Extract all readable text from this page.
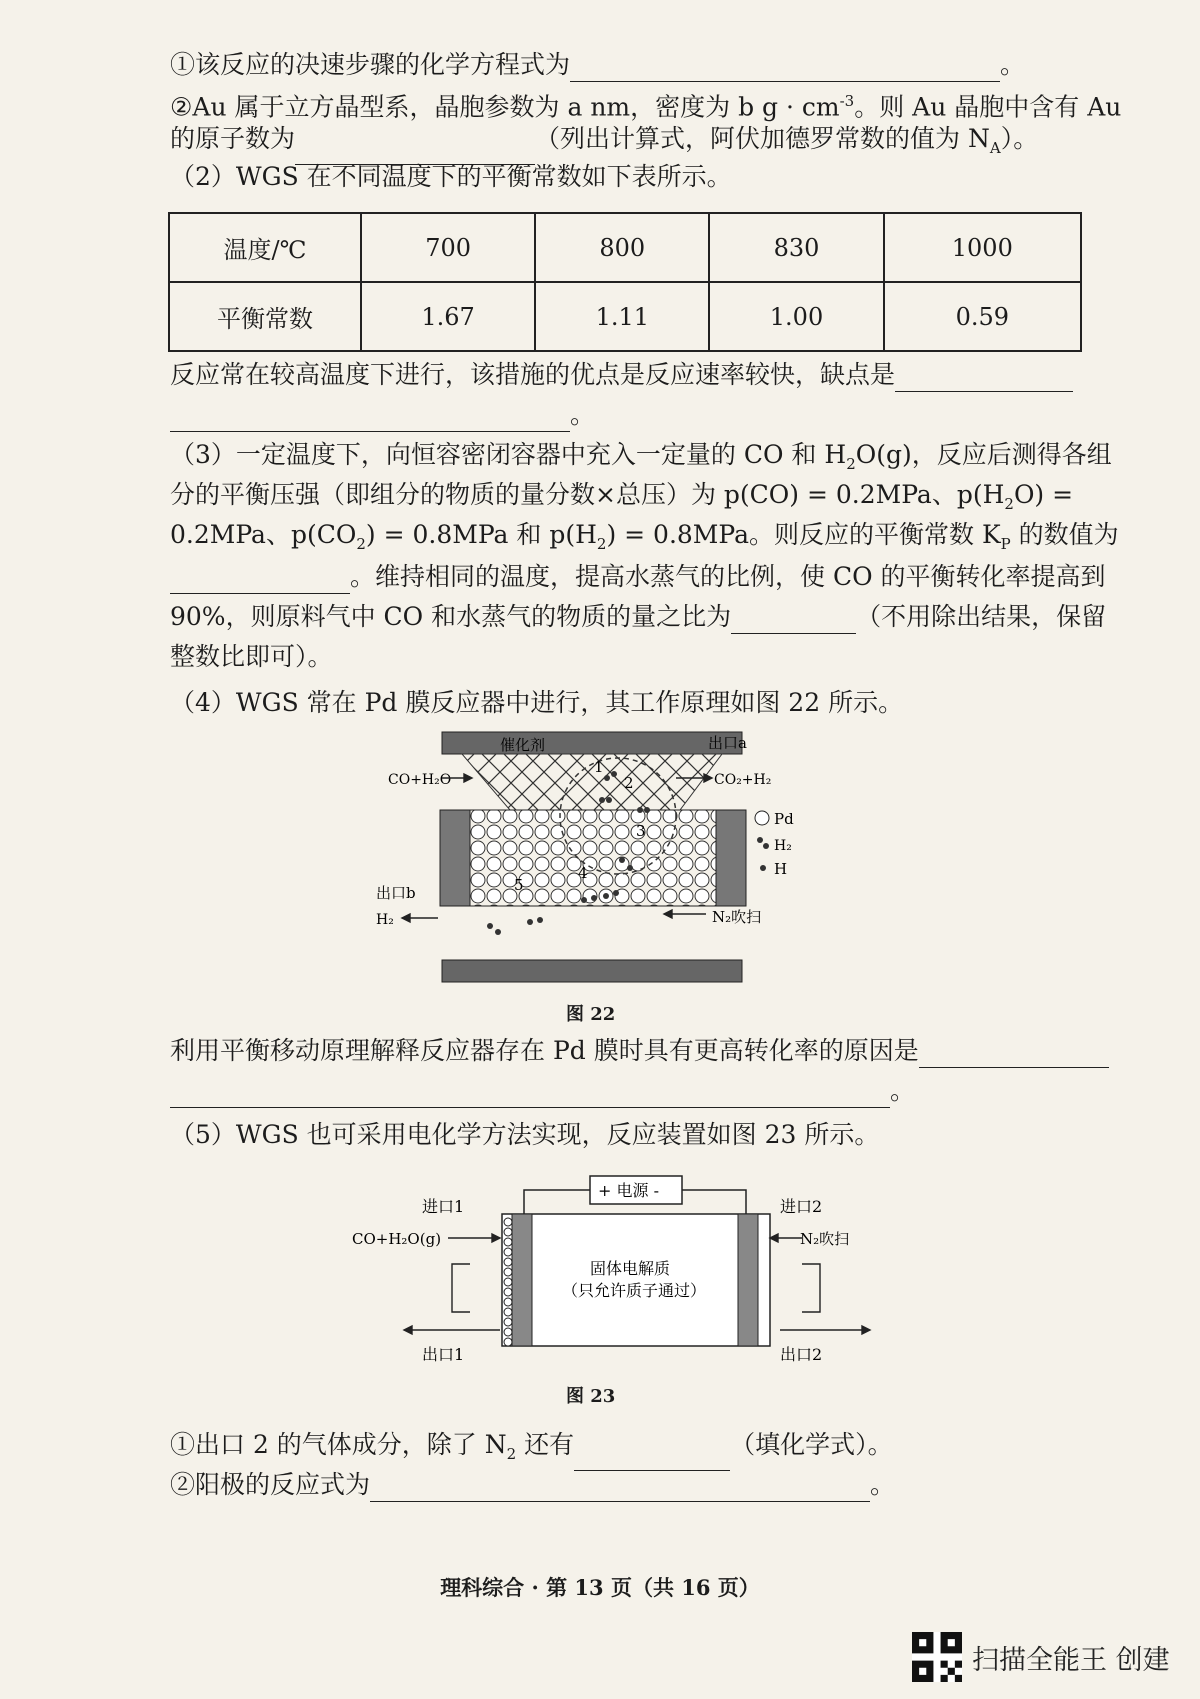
①该反应的决速步骤的化学方程式为	。
②Au 属于立方晶型系，晶胞参数为 a nm，密度为 b $g \cdot cm^{-3}$。则 Au 晶胞中含有 Au
的原子数为	（列出计算式，阿伏加德罗常数的值为 $N_A$）。
（2）WGS 在不同温度下的平衡常数如下表所示。
温度/℃	700	800	830	1000
平衡常数	1.67	1.11	1.00	0.59
反应常在较高温度下进行，该措施的优点是反应速率较快，缺点是
。
（3）一定温度下，向恒容密闭容器中充入一定量的 CO 和 $H_2O(g)$，反应后测得各组
分的平衡压强（即组分的物质的量分数×总压）为 p(CO) = 0.2MPa、$p(H_2O)$ =
0.2MPa、$p(CO_2) = 0.8MPa$ 和 $p(H_2) = 0.8MPa$。则反应的平衡常数 $K_P$ 的数值为
。维持相同的温度，提高水蒸气的比例，使 CO 的平衡转化率提高到
90%，则原料气中 CO 和水蒸气的物质的量之比为	（不用除出结果，保留
整数比即可）。
（4）WGS 常在 Pd 膜反应器中进行，其工作原理如图 22 所示。
1
2
3
4
5
催化剂	出口a
CO+H₂O	CO₂+H₂
出口b
H₂	N₂吹扫
Pd
H₂
H
图 22
利用平衡移动原理解释反应器存在 Pd 膜时具有更高转化率的原因是
。
（5）WGS 也可采用电化学方法实现，反应装置如图 23 所示。
+ 电源 -
固体电解质
（只允许质子通过）
进口1	进口2
CO+H₂O(g)	N₂吹扫
出口1	出口2
图 23
①出口 2 的气体成分，除了 $N_2$ 还有	（填化学式）。
②阳极的反应式为	。
理科综合 · 第 13 页（共 16 页）
扫描全能王 创建
